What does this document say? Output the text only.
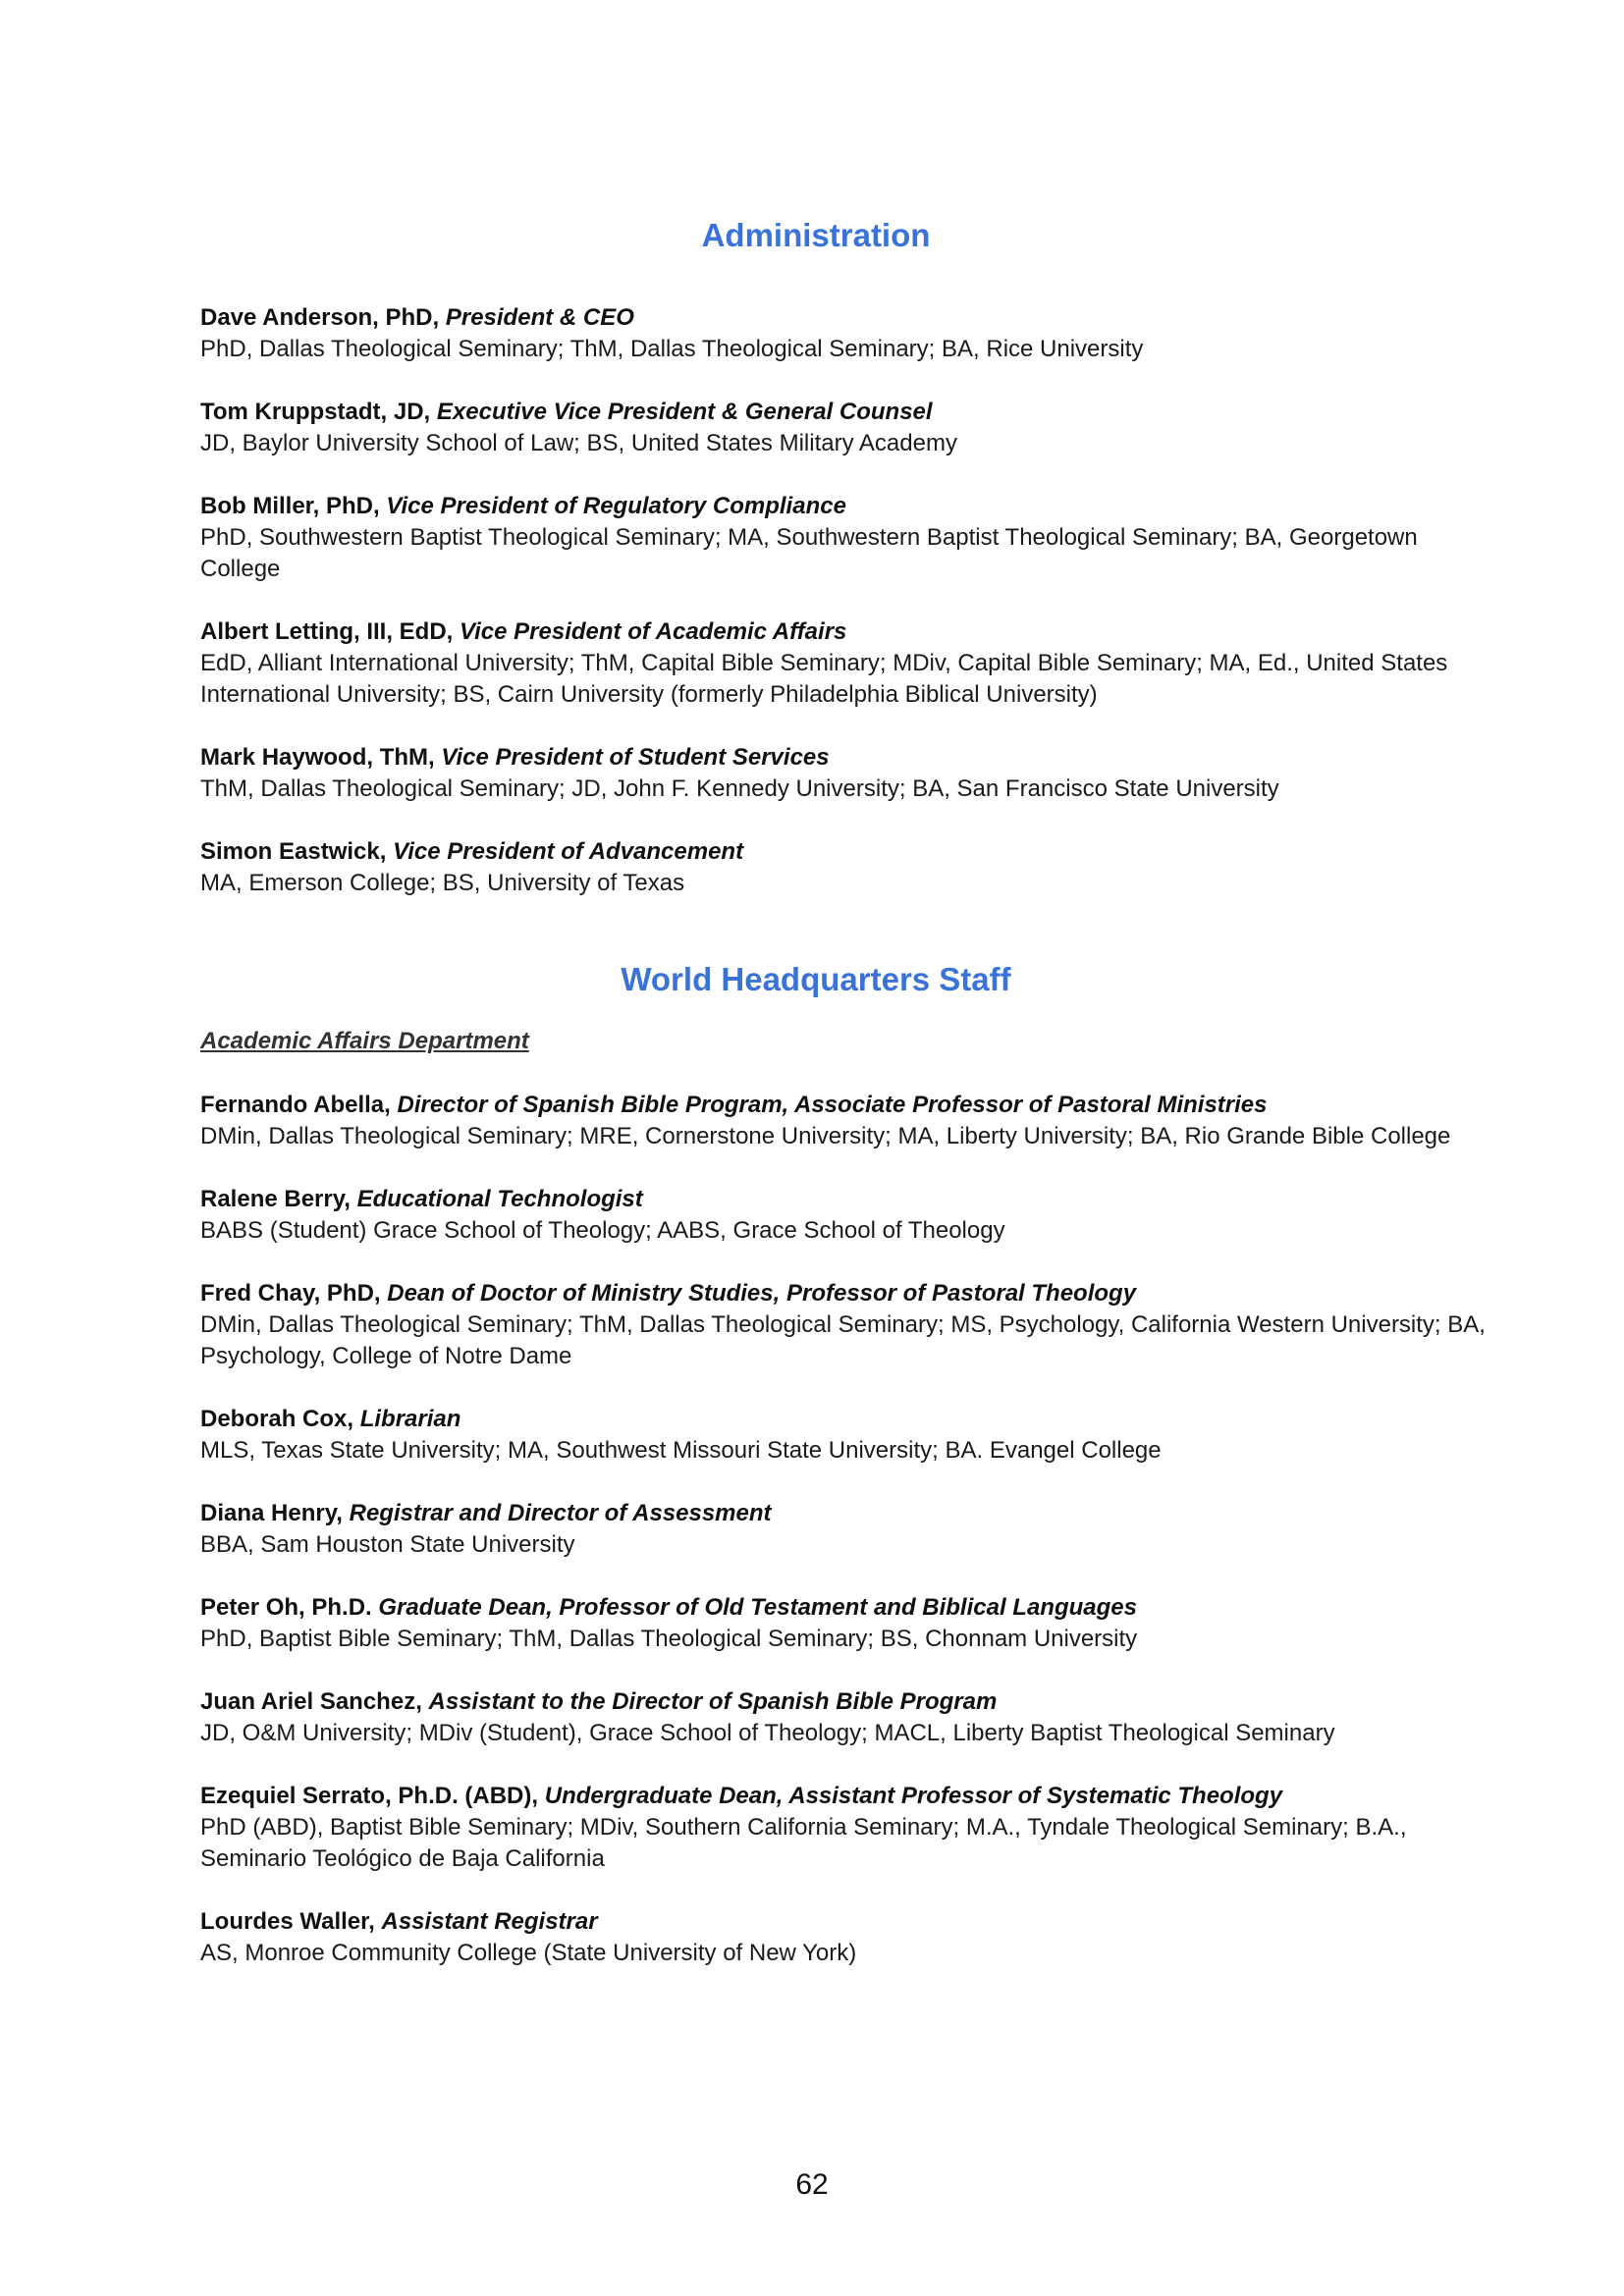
Administration
Dave Anderson, PhD, President & CEO
PhD, Dallas Theological Seminary; ThM, Dallas Theological Seminary; BA, Rice University
Tom Kruppstadt, JD, Executive Vice President & General Counsel
JD, Baylor University School of Law; BS, United States Military Academy
Bob Miller, PhD, Vice President of Regulatory Compliance
PhD, Southwestern Baptist Theological Seminary; MA, Southwestern Baptist Theological Seminary; BA, Georgetown College
Albert Letting, III, EdD, Vice President of Academic Affairs
EdD, Alliant International University; ThM, Capital Bible Seminary; MDiv, Capital Bible Seminary; MA, Ed., United States International University; BS, Cairn University (formerly Philadelphia Biblical University)
Mark Haywood, ThM, Vice President of Student Services
ThM, Dallas Theological Seminary; JD, John F. Kennedy University; BA, San Francisco State University
Simon Eastwick, Vice President of Advancement
MA, Emerson College; BS, University of Texas
World Headquarters Staff
Academic Affairs Department
Fernando Abella, Director of Spanish Bible Program, Associate Professor of Pastoral Ministries
DMin, Dallas Theological Seminary; MRE, Cornerstone University; MA, Liberty University; BA, Rio Grande Bible College
Ralene Berry, Educational Technologist
BABS (Student) Grace School of Theology; AABS, Grace School of Theology
Fred Chay, PhD, Dean of Doctor of Ministry Studies, Professor of Pastoral Theology
DMin, Dallas Theological Seminary; ThM, Dallas Theological Seminary; MS, Psychology, California Western University; BA, Psychology, College of Notre Dame
Deborah Cox, Librarian
MLS, Texas State University; MA, Southwest Missouri State University; BA. Evangel College
Diana Henry, Registrar and Director of Assessment
BBA, Sam Houston State University
Peter Oh, Ph.D. Graduate Dean, Professor of Old Testament and Biblical Languages
PhD, Baptist Bible Seminary; ThM, Dallas Theological Seminary; BS, Chonnam University
Juan Ariel Sanchez, Assistant to the Director of Spanish Bible Program
JD, O&M University; MDiv (Student), Grace School of Theology; MACL, Liberty Baptist Theological Seminary
Ezequiel Serrato, Ph.D. (ABD), Undergraduate Dean, Assistant Professor of Systematic Theology
PhD (ABD), Baptist Bible Seminary; MDiv, Southern California Seminary; M.A., Tyndale Theological Seminary; B.A., Seminario Teológico de Baja California
Lourdes Waller, Assistant Registrar
AS, Monroe Community College (State University of New York)
62
